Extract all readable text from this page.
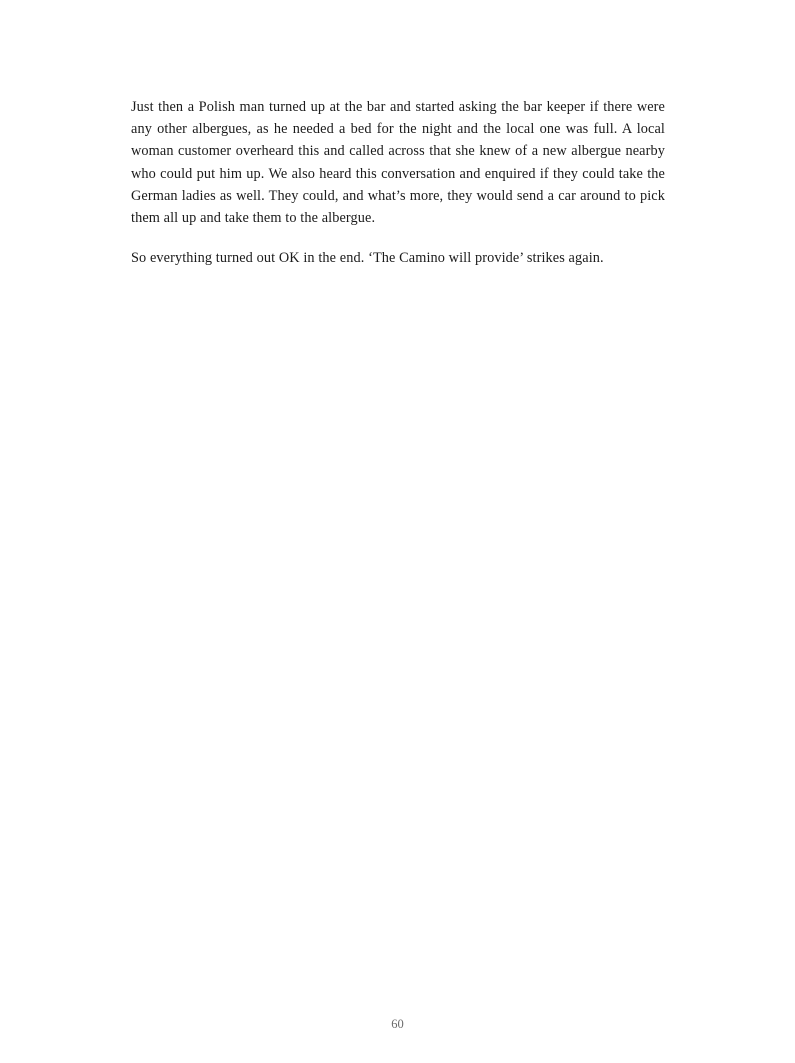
Just then a Polish man turned up at the bar and started asking the bar keeper if there were any other albergues, as he needed a bed for the night and the local one was full. A local woman customer overheard this and called across that she knew of a new albergue nearby who could put him up. We also heard this conversation and enquired if they could take the German ladies as well. They could, and what’s more, they would send a car around to pick them all up and take them to the albergue.

So everything turned out OK in the end. ‘The Camino will provide’ strikes again.

60
